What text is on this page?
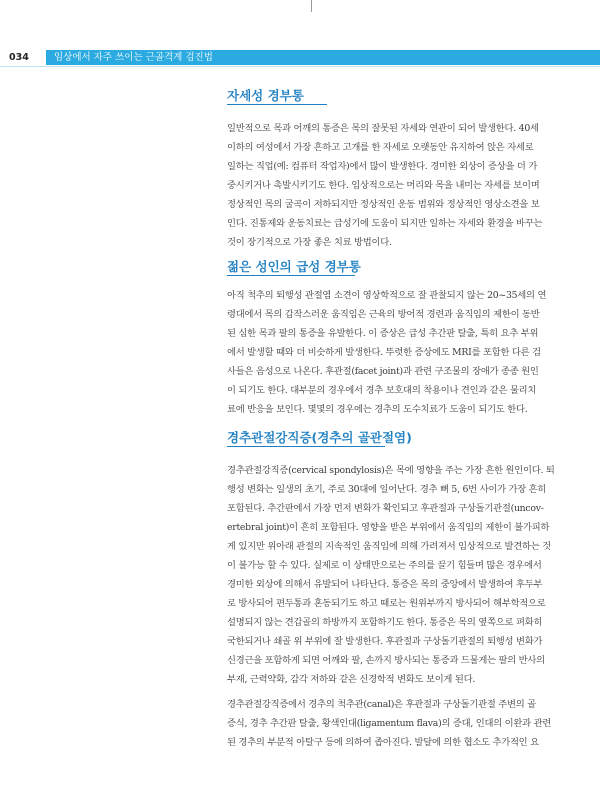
034	임상에서 자주 쓰이는 근골격계 검진법
자세성 경부통
일반적으로 목과 어깨의 통증은 목의 잘못된 자세와 연관이 되어 발생한다. 40세
이하의 여성에서 가장 흔하고 고개를 한 자세로 오랫동안 유지하여 앉은 자세로
일하는 직업(예: 컴퓨터 작업자)에서 많이 발생한다. 경미한 외상이 증상을 더 가
중시키거나 촉발시키기도 한다. 임상적으로는 머리와 목을 내미는 자세를 보이며
정상적인 목의 굴곡이 저하되지만 정상적인 운동 범위와 정상적인 영상소견을 보
인다. 진통제와 운동치료는 급성기에 도움이 되지만 일하는 자세와 환경을 바꾸는
것이 장기적으로 가장 좋은 치료 방법이다.
젊은 성인의 급성 경부통
아직 척추의 퇴행성 관절염 소견이 영상학적으로 잘 관찰되지 않는 20~35세의 연
령대에서 목의 갑작스러운 움직임은 근육의 방어적 경련과 움직임의 제한이 동반
된 심한 목과 팔의 통증을 유발한다. 이 증상은 급성 추간판 탈출, 특히 요추 부위
에서 발생할 때와 더 비슷하게 발생한다. 뚜렷한 증상에도 MRI를 포함한 다른 검
사들은 음성으로 나온다. 후관절(facet joint)과 관련 구조물의 장애가 종종 원인
이 되기도 한다. 대부분의 경우에서 경추 보호대의 착용이나 견인과 같은 물리치
료에 반응을 보인다. 몇몇의 경우에는 경추의 도수치료가 도움이 되기도 한다.
경추관절강직증(경추의 골관절염)
경추관절강직증(cervical spondylosis)은 목에 영향을 주는 가장 흔한 원인이다. 퇴
행성 변화는 일생의 초기, 주로 30대에 일어난다. 경추 뼈 5, 6번 사이가 가장 흔히
포함된다. 추간판에서 가장 먼저 변화가 확인되고 후관절과 구상돌기관절(uncov-
ertebral joint)이 흔히 포함된다. 영향을 받은 부위에서 움직임의 제한이 불가피하
게 있지만 위아래 관절의 지속적인 움직임에 의해 가려져서 임상적으로 발견하는 것
이 불가능 할 수 있다. 실제로 이 상태만으로는 주의를 끌기 힘들며 많은 경우에서
경미한 외상에 의해서 유발되어 나타난다. 통증은 목의 중앙에서 발생하여 후두부
로 방사되어 편두통과 혼동되기도 하고 때로는 원위부까지 방사되어 해부학적으로
설명되지 않는 견갑골의 하방까지 포함하기도 한다. 통증은 목의 옆쪽으로 펴화히
국한되거나 쇄골 위 부위에 잘 발생한다. 후관절과 구상돌기관절의 퇴행성 변화가
신경근을 포함하게 되면 어깨와 팔, 손까지 방사되는 통증과 드물게는 팔의 반사의
부재, 근력약화, 감각 저하와 같은 신경학적 변화도 보이게 된다.
경추관절강직증에서 경추의 척추관(canal)은 후관절과 구상돌기관절 주변의 골
증식, 경추 추간판 탈출, 황색인대(ligamentum flava)의 증대, 인대의 이완과 관련
된 경추의 부분적 아탈구 등에 의하여 좁아진다. 발달에 의한 협소도 추가적인 요
